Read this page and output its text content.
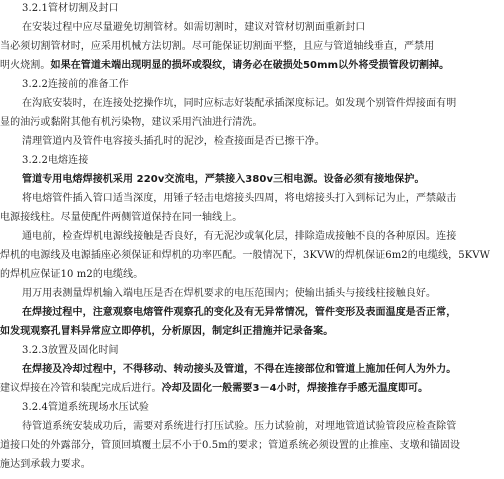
3.2.1管材切割及封口
在安装过程中应尽量避免切割管材。如需切割时，建议对管材切割面重新封口
当必须切割管材时，应采用机械方法切割。尽可能保证切割面平整，且应与管道轴线垂直，严禁用
明火烧割。如果在管道未端出现明显的损坏或裂纹，请务必在破损处50mm以外将受损管段切割掉。
3.2.2连接前的准备工作
在沟底安装时，在连接处挖操作坑，同时应标志好装配承插深度标记。如发现个别管件焊接面有明
显的油污或黏附其他有机污染物，建议采用汽油进行清洗。
清理管道内及管件电容接头插孔时的泥沙，检查接面是否已擦干净。
3.2.2电熔连接
管道专用电熔焊接机采用 220v交流电，严禁接入380v三相电源。设备必须有接地保护。
将电熔管件插入管口适当深度，用锤子轻击电熔接头四周，将电熔接头打入到标记为止，严禁敲击
电源接线柱。尽量使配件两侧管道保持在同一轴线上。
通电前，检查焊机电源线接触是否良好，有无泥沙或氧化层，排除造成接触不良的各种原因。连接
焊机的电源线及电源插座必须保证和焊机的功率匹配。一般情况下，3KVW的焊机保证6m2的电缆线，5KVW
的焊机应保证10 m2的电缆线。
用万用表测量焊机输入端电压是否在焊机要求的电压范围内；使输出插头与接线柱接触良好。
在焊接过程中，注意观察电熔管件观察孔的变化及有无异常情况，管件变形及表面温度是否正常，
如发现观察孔冒料异常应立即停机，分析原因，制定纠正措施并记录备案。
3.2.3放置及固化时间
在焊接及冷却过程中，不得移动、转动接头及管道，不得在连接部位和管道上施加任何人为外力。
建议焊接在冷管和装配完成后进行。冷却及固化一般需要3－4小时，焊接推存手感无温度即可。
3.2.4管道系统现场水压试验
待管道系统安装成功后，需要对系统进行打压试验。压力试验前，对埋地管道试验管段应检查除管
道接口处的外露部分，管顶回填覆土层不小于0.5m的要求；管道系统必须设置的止推座、支墩和锚固设
施达到承载力要求。
